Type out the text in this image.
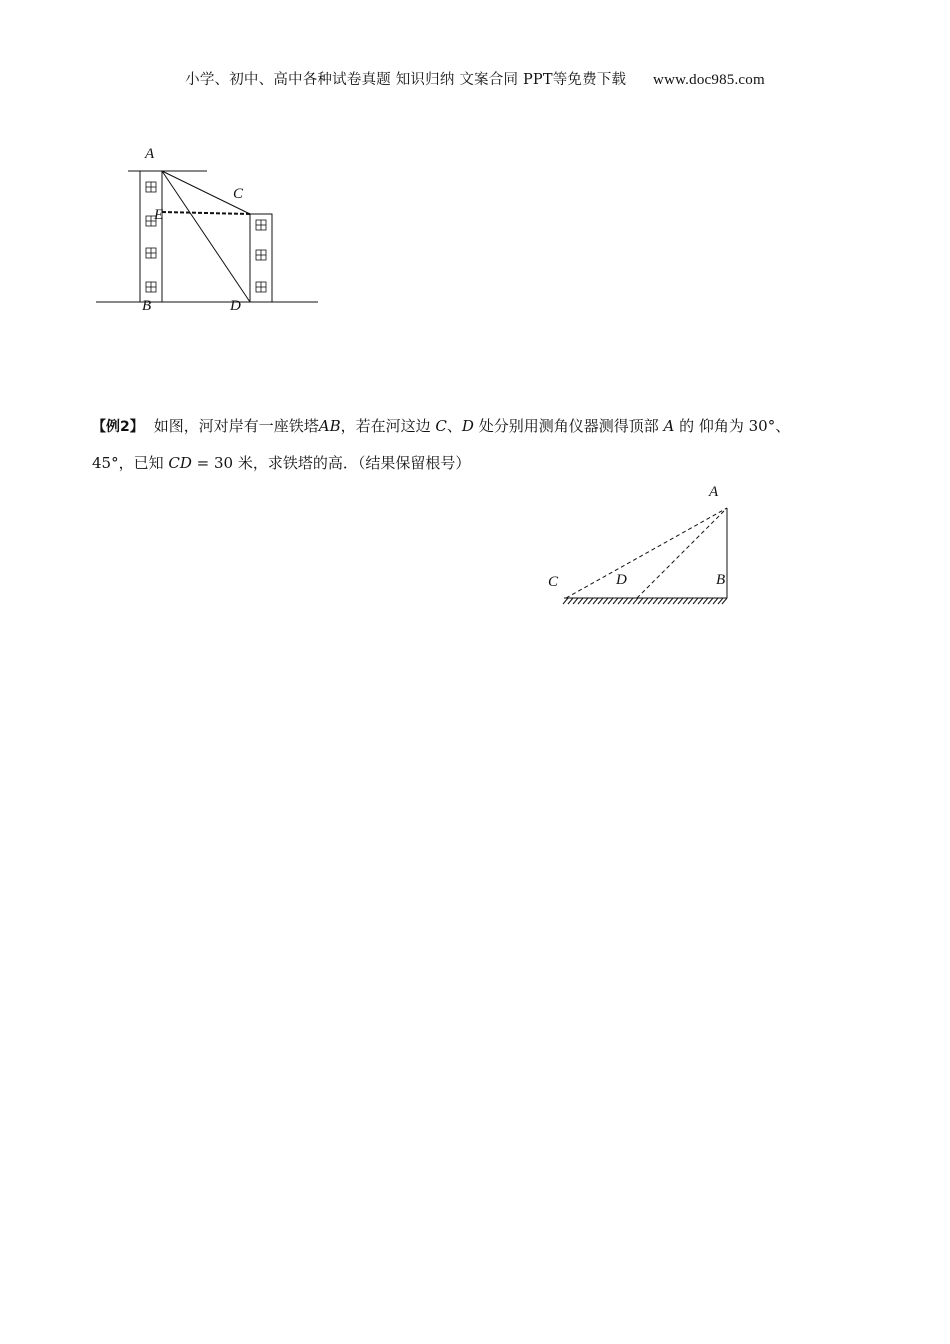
小学、初中、高中各种试卷真题 知识归纳 文案合同 PPT等免费下载 www.doc985.com
A
B
C
D
E
【例2】 如图，河对岸有一座铁塔AB，若在河这边 C、D 处分别用测角仪器测得顶部 A 的 仰角为 30°、
45°，已知 CD = 30 米，求铁塔的高．（结果保留根号）
A
C	D	B
